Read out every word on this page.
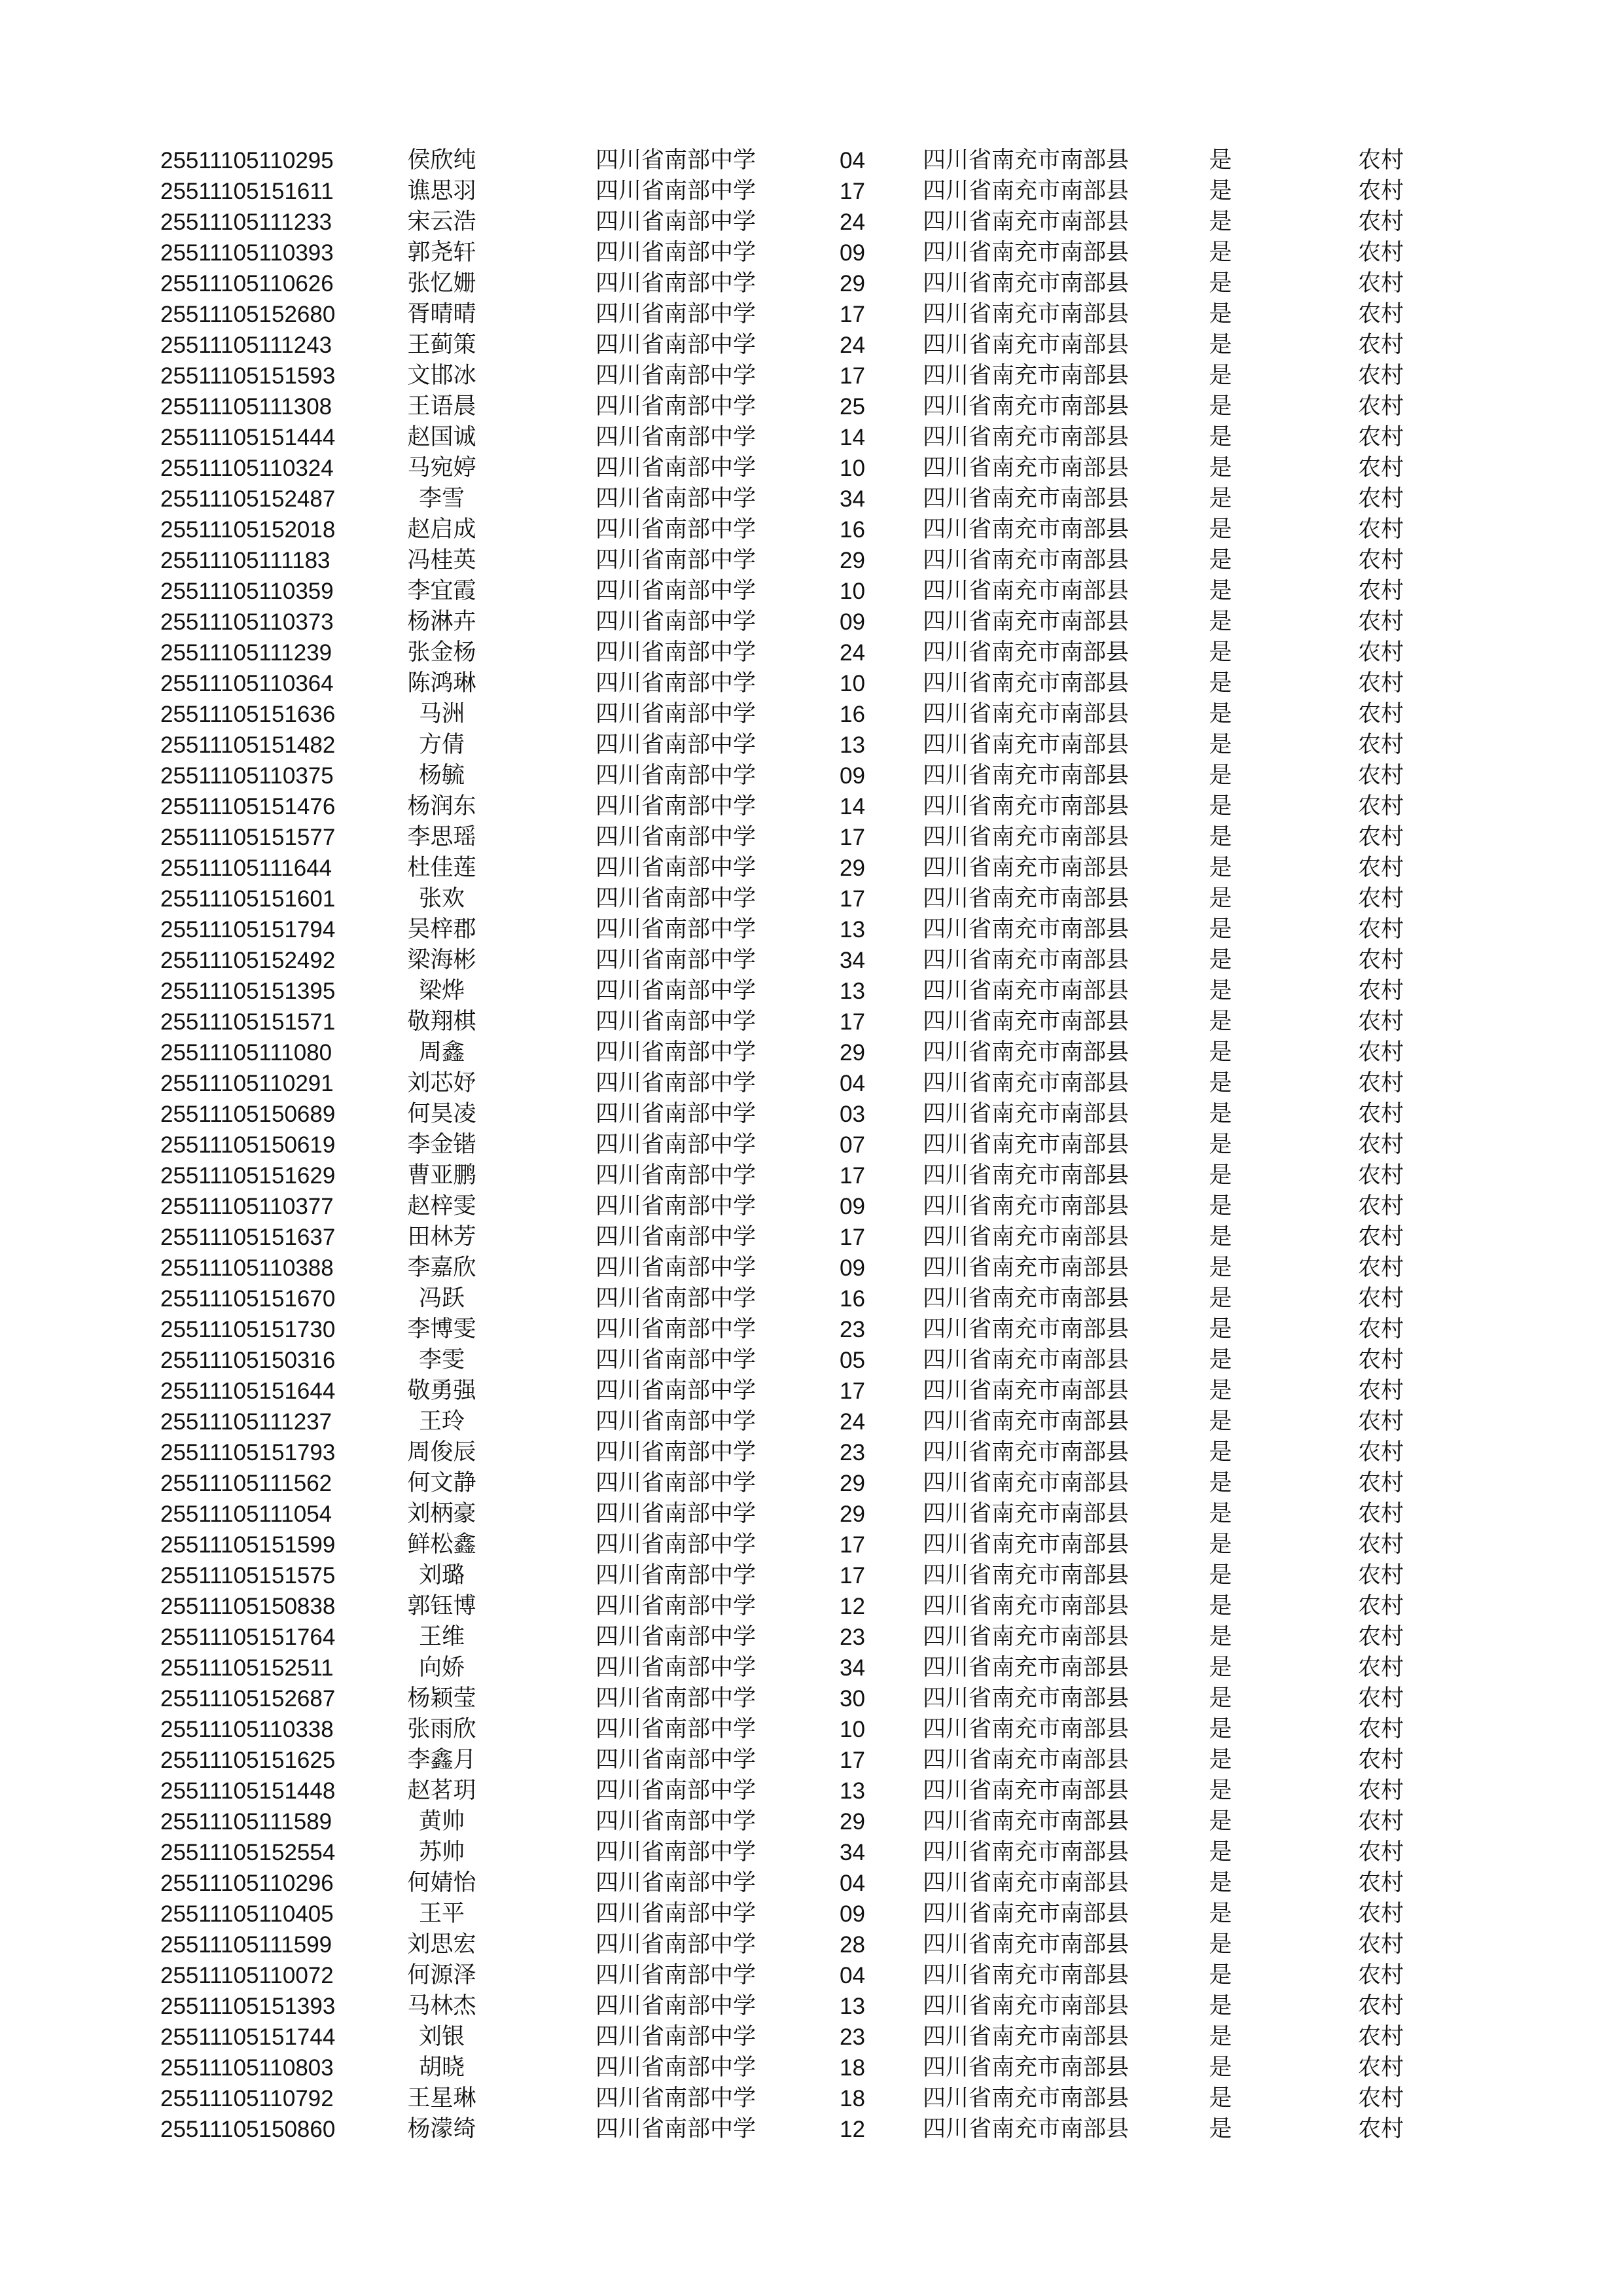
25511105110295	侯欣纯		四川省南部中学	04	四川省南充市南部县	是	农村
25511105151611	谯思羽		四川省南部中学	17	四川省南充市南部县	是	农村
25511105111233	宋云浩		四川省南部中学	24	四川省南充市南部县	是	农村
25511105110393	郭尧轩		四川省南部中学	09	四川省南充市南部县	是	农村
25511105110626	张忆姗		四川省南部中学	29	四川省南充市南部县	是	农村
25511105152680	胥晴晴		四川省南部中学	17	四川省南充市南部县	是	农村
25511105111243	王蓟策		四川省南部中学	24	四川省南充市南部县	是	农村
25511105151593	文邯冰		四川省南部中学	17	四川省南充市南部县	是	农村
25511105111308	王语晨		四川省南部中学	25	四川省南充市南部县	是	农村
25511105151444	赵国诚		四川省南部中学	14	四川省南充市南部县	是	农村
25511105110324	马宛婷		四川省南部中学	10	四川省南充市南部县	是	农村
25511105152487	李雪		四川省南部中学	34	四川省南充市南部县	是	农村
25511105152018	赵启成		四川省南部中学	16	四川省南充市南部县	是	农村
25511105111183	冯桂英		四川省南部中学	29	四川省南充市南部县	是	农村
25511105110359	李宜霞		四川省南部中学	10	四川省南充市南部县	是	农村
25511105110373	杨淋卉		四川省南部中学	09	四川省南充市南部县	是	农村
25511105111239	张金杨		四川省南部中学	24	四川省南充市南部县	是	农村
25511105110364	陈鸿琳		四川省南部中学	10	四川省南充市南部县	是	农村
25511105151636	马洲		四川省南部中学	16	四川省南充市南部县	是	农村
25511105151482	方倩		四川省南部中学	13	四川省南充市南部县	是	农村
25511105110375	杨毓		四川省南部中学	09	四川省南充市南部县	是	农村
25511105151476	杨润东		四川省南部中学	14	四川省南充市南部县	是	农村
25511105151577	李思瑶		四川省南部中学	17	四川省南充市南部县	是	农村
25511105111644	杜佳莲		四川省南部中学	29	四川省南充市南部县	是	农村
25511105151601	张欢		四川省南部中学	17	四川省南充市南部县	是	农村
25511105151794	吴梓郡		四川省南部中学	13	四川省南充市南部县	是	农村
25511105152492	梁海彬		四川省南部中学	34	四川省南充市南部县	是	农村
25511105151395	梁烨		四川省南部中学	13	四川省南充市南部县	是	农村
25511105151571	敬翔棋		四川省南部中学	17	四川省南充市南部县	是	农村
25511105111080	周鑫		四川省南部中学	29	四川省南充市南部县	是	农村
25511105110291	刘芯妤		四川省南部中学	04	四川省南充市南部县	是	农村
25511105150689	何昊凌		四川省南部中学	03	四川省南充市南部县	是	农村
25511105150619	李金锴		四川省南部中学	07	四川省南充市南部县	是	农村
25511105151629	曹亚鹏		四川省南部中学	17	四川省南充市南部县	是	农村
25511105110377	赵梓雯		四川省南部中学	09	四川省南充市南部县	是	农村
25511105151637	田林芳		四川省南部中学	17	四川省南充市南部县	是	农村
25511105110388	李嘉欣		四川省南部中学	09	四川省南充市南部县	是	农村
25511105151670	冯跃		四川省南部中学	16	四川省南充市南部县	是	农村
25511105151730	李博雯		四川省南部中学	23	四川省南充市南部县	是	农村
25511105150316	李雯		四川省南部中学	05	四川省南充市南部县	是	农村
25511105151644	敬勇强		四川省南部中学	17	四川省南充市南部县	是	农村
25511105111237	王玲		四川省南部中学	24	四川省南充市南部县	是	农村
25511105151793	周俊辰		四川省南部中学	23	四川省南充市南部县	是	农村
25511105111562	何文静		四川省南部中学	29	四川省南充市南部县	是	农村
25511105111054	刘柄豪		四川省南部中学	29	四川省南充市南部县	是	农村
25511105151599	鲜松鑫		四川省南部中学	17	四川省南充市南部县	是	农村
25511105151575	刘璐		四川省南部中学	17	四川省南充市南部县	是	农村
25511105150838	郭钰博		四川省南部中学	12	四川省南充市南部县	是	农村
25511105151764	王维		四川省南部中学	23	四川省南充市南部县	是	农村
25511105152511	向娇		四川省南部中学	34	四川省南充市南部县	是	农村
25511105152687	杨颖莹		四川省南部中学	30	四川省南充市南部县	是	农村
25511105110338	张雨欣		四川省南部中学	10	四川省南充市南部县	是	农村
25511105151625	李鑫月		四川省南部中学	17	四川省南充市南部县	是	农村
25511105151448	赵茗玥		四川省南部中学	13	四川省南充市南部县	是	农村
25511105111589	黄帅		四川省南部中学	29	四川省南充市南部县	是	农村
25511105152554	苏帅		四川省南部中学	34	四川省南充市南部县	是	农村
25511105110296	何婧怡		四川省南部中学	04	四川省南充市南部县	是	农村
25511105110405	王平		四川省南部中学	09	四川省南充市南部县	是	农村
25511105111599	刘思宏		四川省南部中学	28	四川省南充市南部县	是	农村
25511105110072	何源泽		四川省南部中学	04	四川省南充市南部县	是	农村
25511105151393	马林杰		四川省南部中学	13	四川省南充市南部县	是	农村
25511105151744	刘银		四川省南部中学	23	四川省南充市南部县	是	农村
25511105110803	胡晓		四川省南部中学	18	四川省南充市南部县	是	农村
25511105110792	王星琳		四川省南部中学	18	四川省南充市南部县	是	农村
25511105150860	杨濛绮		四川省南部中学	12	四川省南充市南部县	是	农村
